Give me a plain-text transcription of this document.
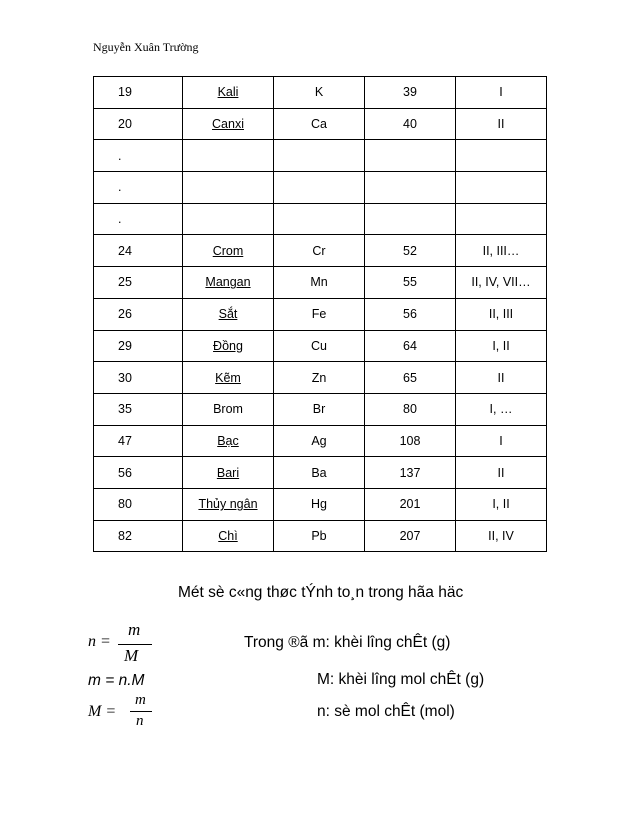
Nguyễn Xuân Trường
19	Kali	K	39	I
20	Canxi	Ca	40	II
.				
.				
.				
24	Crom	Cr	52	II, III…
25	Mangan	Mn	55	II, IV, VII…
26	Sắt	Fe	56	II, III
29	Đồng	Cu	64	I, II
30	Kẽm	Zn	65	II
35	Brom	Br	80	I, …
47	Bạc	Ag	108	I
56	Bari	Ba	137	II
80	Thủy ngân	Hg	201	I, II
82	Chì	Pb	207	II, IV
Mét sè c«ng thøc tÝnh to¸n trong hãa häc
n =
m
M
m = n.M
M =
m
n
Trong ®ã m: khèi lîng chÊt (g)
M: khèi lîng mol chÊt (g)
n: sè mol chÊt (mol)
